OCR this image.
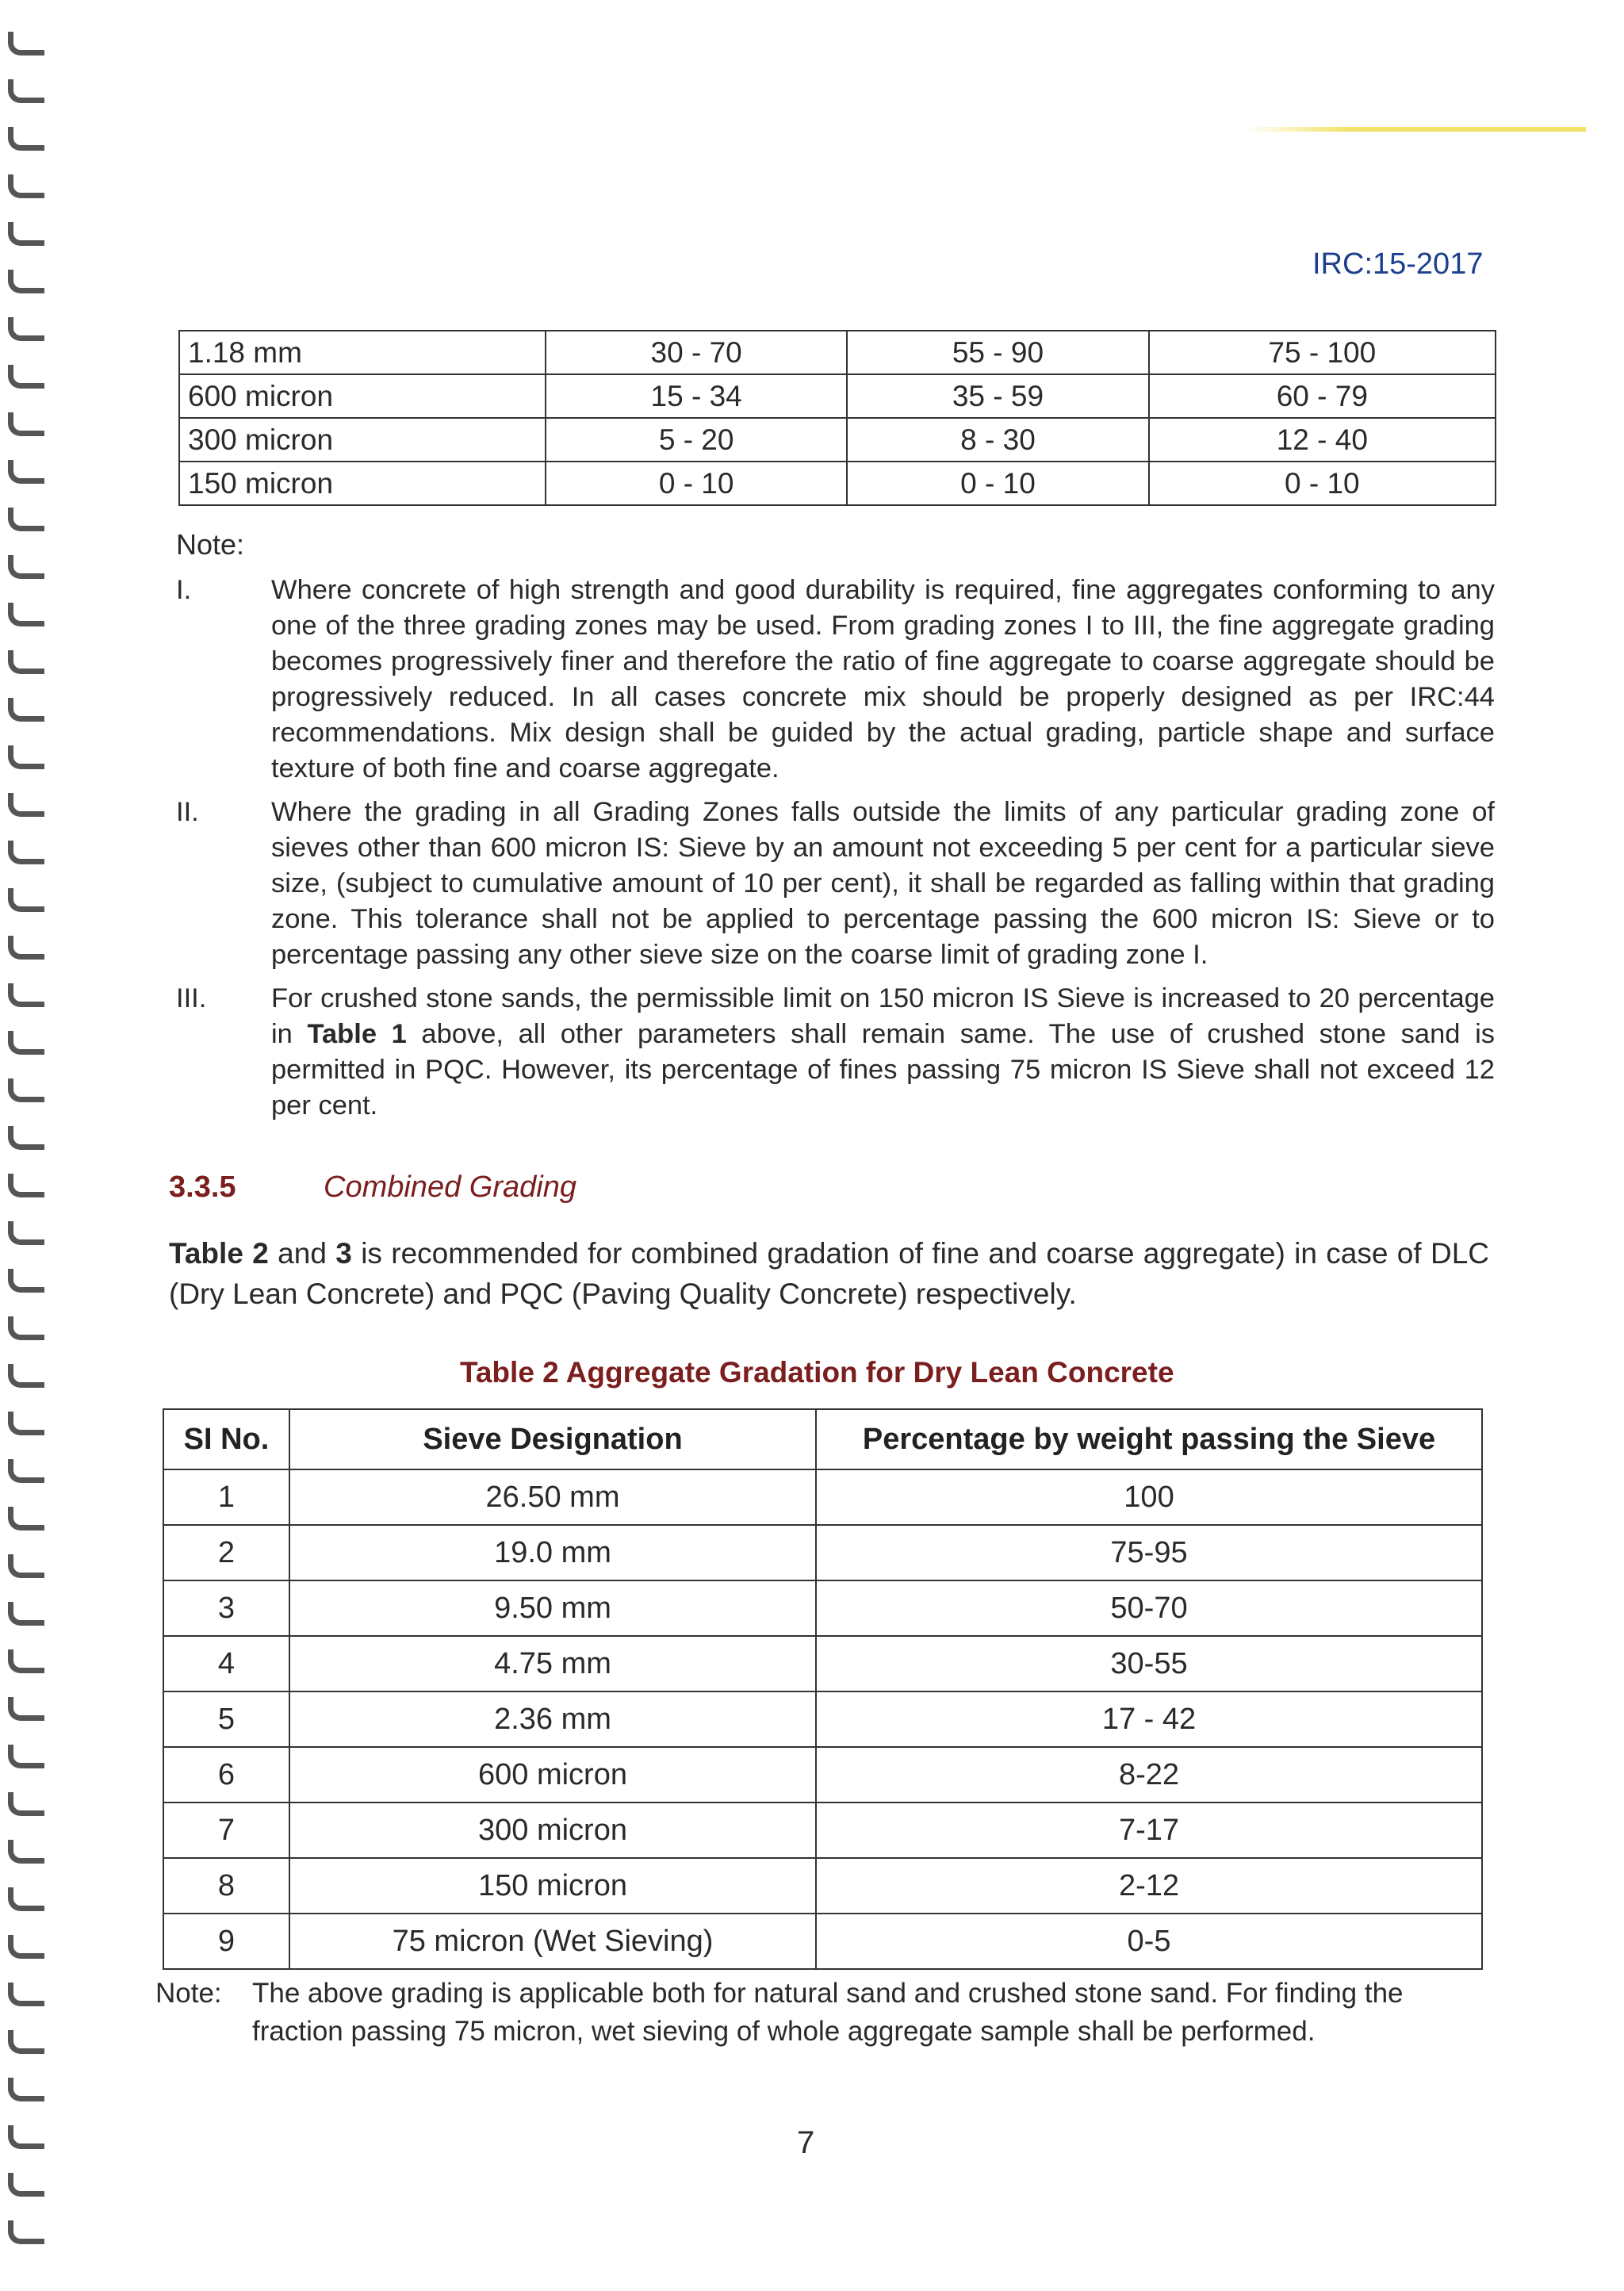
IRC:15-2017
1.18 mm	30 - 70	55 - 90	75 - 100
600 micron	15 - 34	35 - 59	60 - 79
300 micron	5 - 20	8 - 30	12 - 40
150 micron	0 - 10	0 - 10	0 - 10
Note:
I.	Where concrete of high strength and good durability is required, fine aggregates conforming to any one of the three grading zones may be used. From grading zones I to III, the fine aggregate grading becomes progressively finer and therefore the ratio of fine aggregate to coarse aggregate should be progressively reduced. In all cases concrete mix should be properly designed as per IRC:44 recommendations. Mix design shall be guided by the actual grading, particle shape and surface texture of both fine and coarse aggregate.
II.	Where the grading in all Grading Zones falls outside the limits of any particular grading zone of sieves other than 600 micron IS: Sieve by an amount not exceeding 5 per cent for a particular sieve size, (subject to cumulative amount of 10 per cent), it shall be regarded as falling within that grading zone. This tolerance shall not be applied to percentage passing the 600 micron IS: Sieve or to percentage passing any other sieve size on the coarse limit of grading zone I.
III. For crushed stone sands, the permissible limit on 150 micron IS Sieve is increased to 20 percentage in Table 1 above, all other parameters shall remain same. The use of crushed stone sand is permitted in PQC. However, its percentage of fines passing 75 micron IS Sieve shall not exceed 12 per cent.
3.3.5	Combined Grading
Table 2 and 3 is recommended for combined gradation of fine and coarse aggregate) in case of DLC (Dry Lean Concrete) and PQC (Paving Quality Concrete) respectively.
Table 2 Aggregate Gradation for Dry Lean Concrete
SI No.	Sieve Designation	Percentage by weight passing the Sieve
1	26.50 mm	100
2	19.0 mm	75-95
3	9.50 mm	50-70
4	4.75 mm	30-55
5	2.36 mm	17 - 42
6	600 micron	8-22
7	300 micron	7-17
8	150 micron	2-12
9	75 micron (Wet Sieving)	0-5
Note:	The above grading is applicable both for natural sand and crushed stone sand. For finding the fraction passing 75 micron, wet sieving of whole aggregate sample shall be performed.
7
